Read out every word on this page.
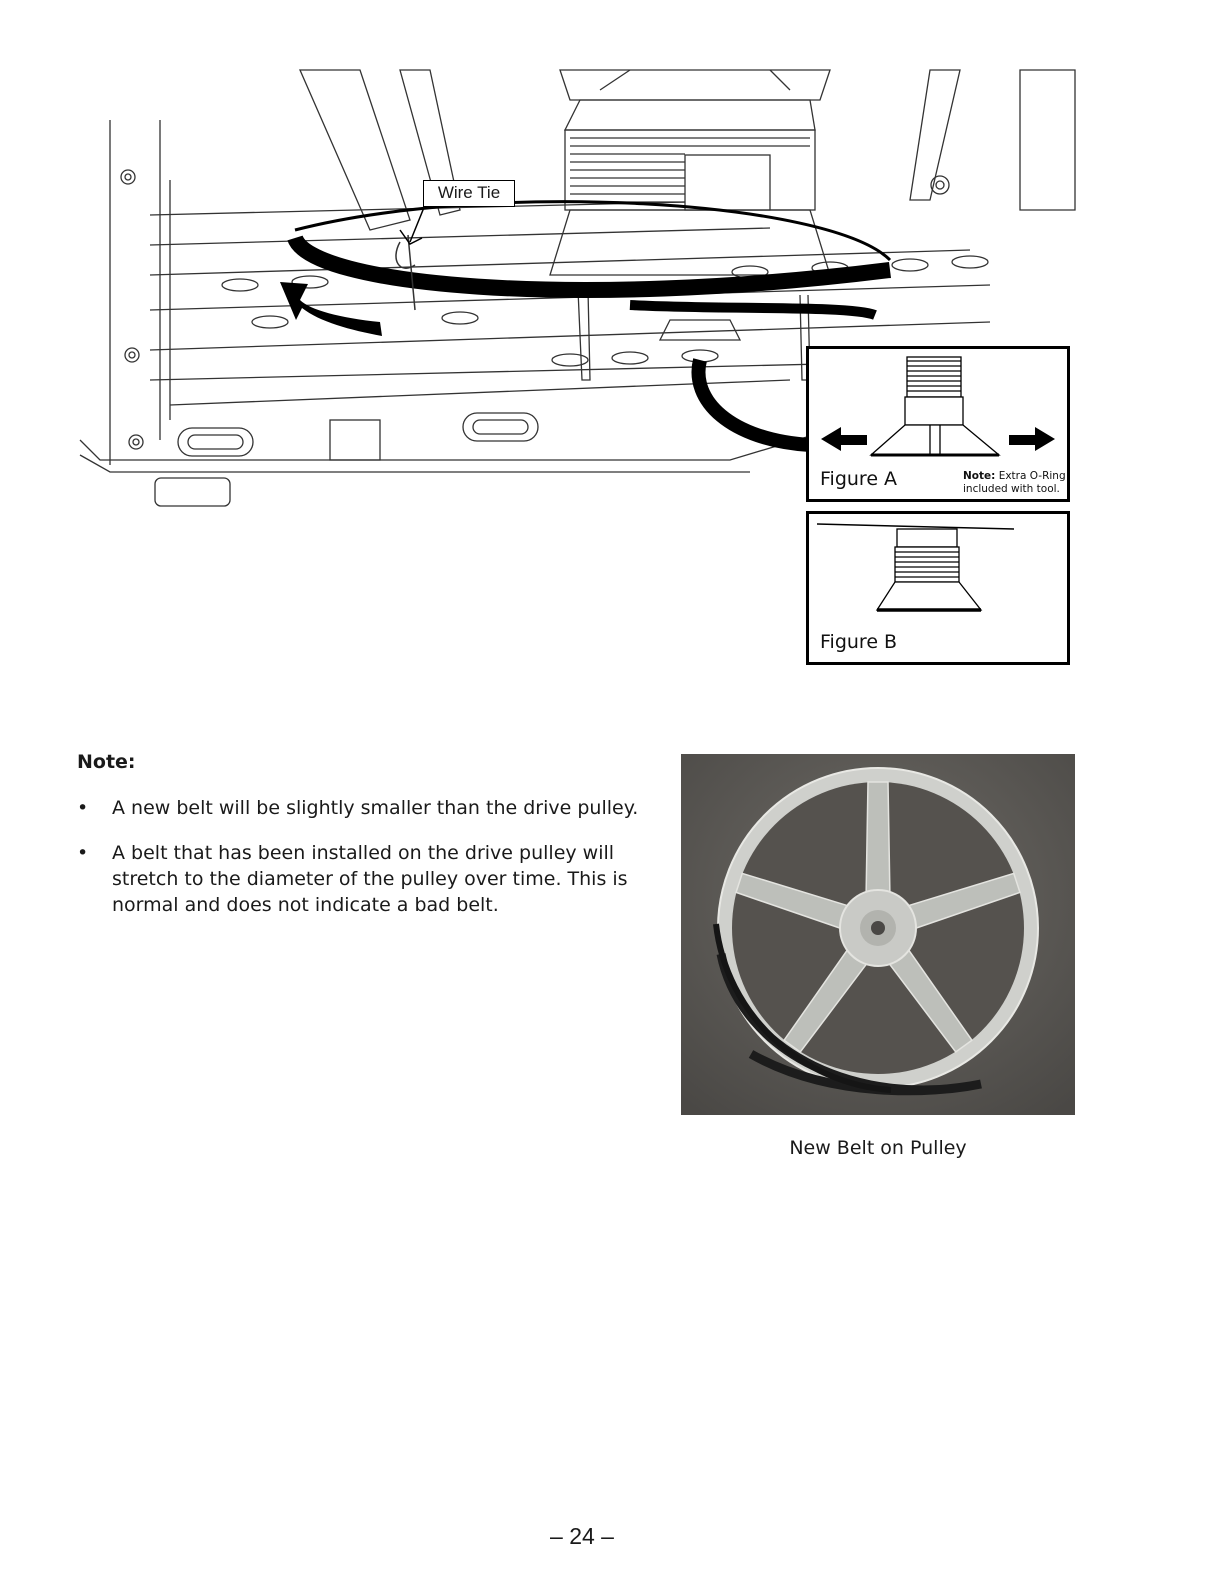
Wire Tie
Figure A	Note: Extra O-Ring
included with tool.
Figure B
Note:
• A new belt will be slightly smaller than the drive pulley.
• A belt that has been installed on the drive pulley will stretch to the diameter of the pulley over time. This is normal and does not indicate a bad belt.
New Belt on Pulley
– 24 –
